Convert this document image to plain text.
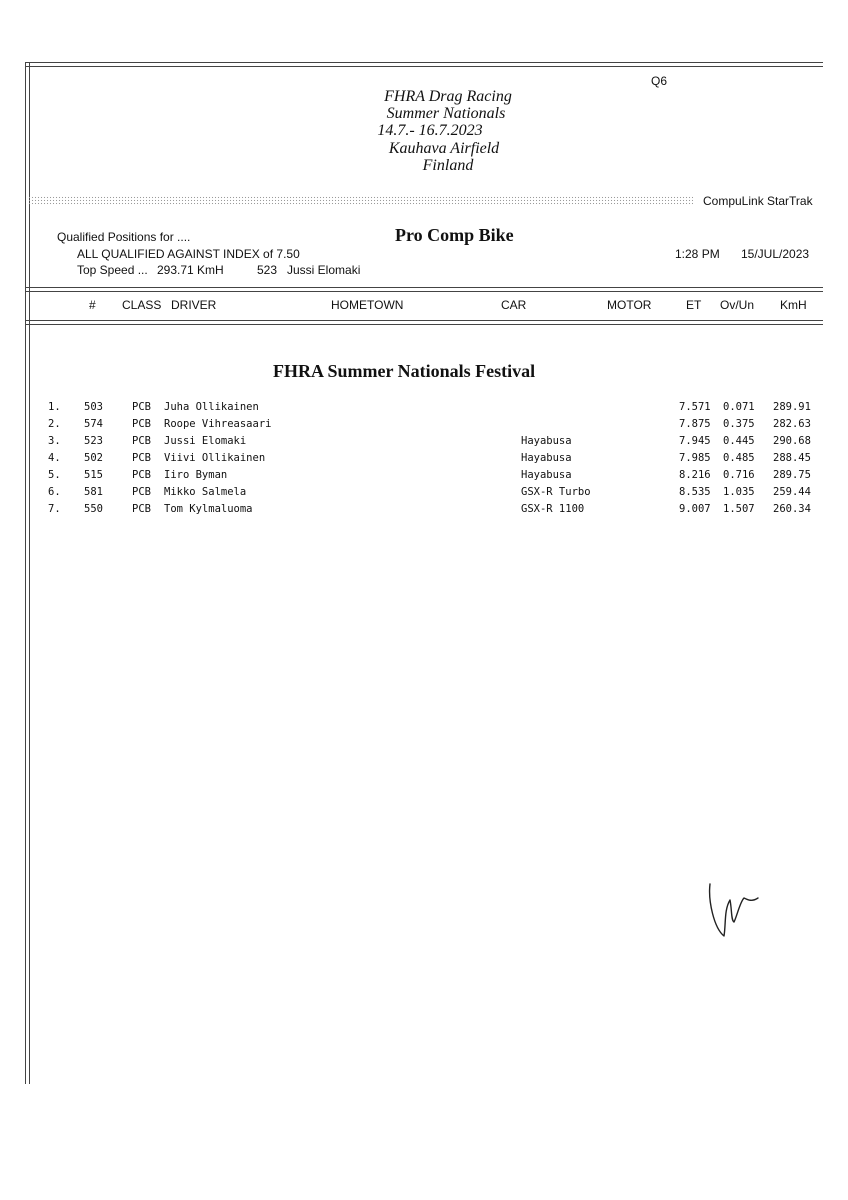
Q6
FHRA Drag Racing
Summer Nationals
14.7.- 16.7.2023
Kauhava Airfield
Finland
CompuLink StarTrak
Qualified Positions for ....	Pro Comp Bike
ALL QUALIFIED AGAINST INDEX of 7.50	1:28 PM 15/JUL/2023
Top Speed ... 293.71 KmH	523 Jussi Elomaki
# CLASS DRIVER	HOMETOWN	CAR	MOTOR	ET Ov/Un KmH
FHRA Summer Nationals Festival
1. 503	PCB Juha Ollikainen	7.571 0.071 289.91
2. 574	PCB Roope Vihreasaari	7.875 0.375 282.63
3. 523	PCB Jussi Elomaki	Hayabusa	7.945 0.445 290.68
4. 502	PCB Viivi Ollikainen	Hayabusa	7.985 0.485 288.45
5. 515	PCB Iiro Byman	Hayabusa	8.216 0.716 289.75
6. 581	PCB Mikko Salmela	GSX-R Turbo	8.535 1.035 259.44
7. 550	PCB Tom Kylmaluoma	GSX-R 1100	9.007 1.507 260.34
